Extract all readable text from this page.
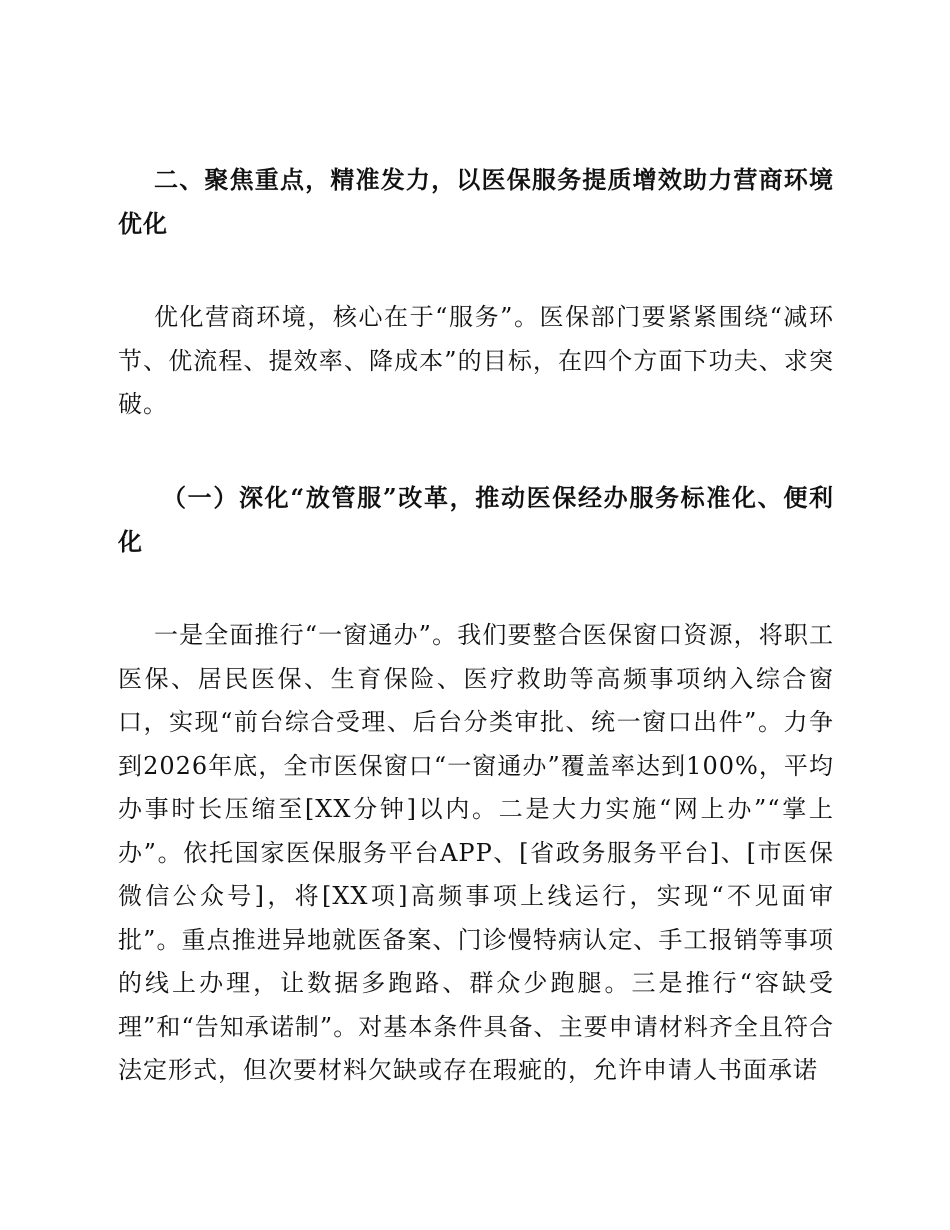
二、聚焦重点，精准发力，以医保服务提质增效助力营商环境优化

优化营商环境，核心在于“服务”。医保部门要紧紧围绕“减环节、优流程、提效率、降成本”的目标，在四个方面下功夫、求突破。

（一）深化“放管服”改革，推动医保经办服务标准化、便利化

一是全面推行“一窗通办”。我们要整合医保窗口资源，将职工医保、居民医保、生育保险、医疗救助等高频事项纳入综合窗口，实现“前台综合受理、后台分类审批、统一窗口出件”。力争到2026年底，全市医保窗口“一窗通办”覆盖率达到100%，平均办事时长压缩至[XX分钟]以内。二是大力实施“网上办”“掌上办”。依托国家医保服务平台APP、[省政务服务平台]、[市医保微信公众号]，将[XX项]高频事项上线运行，实现“不见面审批”。重点推进异地就医备案、门诊慢特病认定、手工报销等事项的线上办理，让数据多跑路、群众少跑腿。三是推行“容缺受理”和“告知承诺制”。对基本条件具备、主要申请材料齐全且符合法定形式，但次要材料欠缺或存在瑕疵的，允许申请人书面承诺
